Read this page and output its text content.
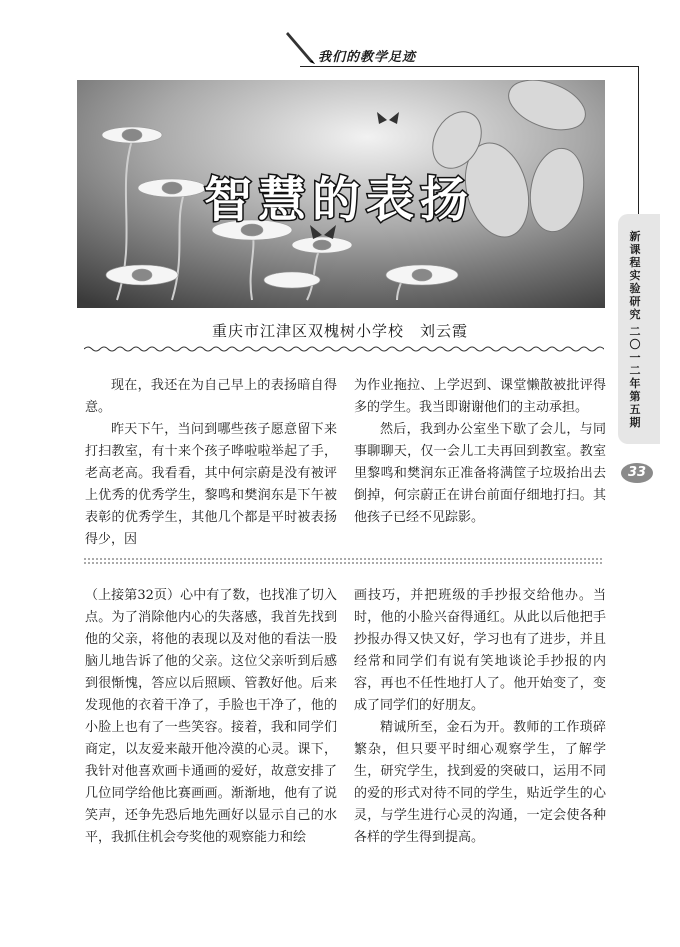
我们的教学足迹
智慧的表扬
新课程实验研究
二〇一二年第五期
33
重庆市江津区双槐树小学校　刘云霞

现在，我还在为自己早上的表扬暗自得意。

昨天下午，当问到哪些孩子愿意留下来打扫教室，有十来个孩子哗啦啦举起了手，老高老高。我看看，其中何宗蔚是没有被评上优秀的优秀学生，黎鸣和樊润东是下午被表彰的优秀学生，其他几个都是平时被表扬得少，因

为作业拖拉、上学迟到、课堂懒散被批评得多的学生。我当即谢谢他们的主动承担。

然后，我到办公室坐下歇了会儿，与同事聊聊天，仅一会儿工夫再回到教室。教室里黎鸣和樊润东正准备将满筐子垃圾抬出去倒掉，何宗蔚正在讲台前面仔细地打扫。其他孩子已经不见踪影。

（上接第32页）心中有了数，也找准了切入点。为了消除他内心的失落感，我首先找到他的父亲，将他的表现以及对他的看法一股脑儿地告诉了他的父亲。这位父亲听到后感到很惭愧，答应以后照顾、管教好他。后来发现他的衣着干净了，手脸也干净了，他的小脸上也有了一些笑容。接着，我和同学们商定，以友爱来敲开他冷漠的心灵。课下，我针对他喜欢画卡通画的爱好，故意安排了几位同学给他比赛画画。渐渐地，他有了说笑声，还争先恐后地先画好以显示自己的水平，我抓住机会夸奖他的观察能力和绘

画技巧，并把班级的手抄报交给他办。当时，他的小脸兴奋得通红。从此以后他把手抄报办得又快又好，学习也有了进步，并且经常和同学们有说有笑地谈论手抄报的内容，再也不任性地打人了。他开始变了，变成了同学们的好朋友。

精诚所至，金石为开。教师的工作琐碎繁杂，但只要平时细心观察学生，了解学生，研究学生，找到爱的突破口，运用不同的爱的形式对待不同的学生，贴近学生的心灵，与学生进行心灵的沟通，一定会使各种各样的学生得到提高。
